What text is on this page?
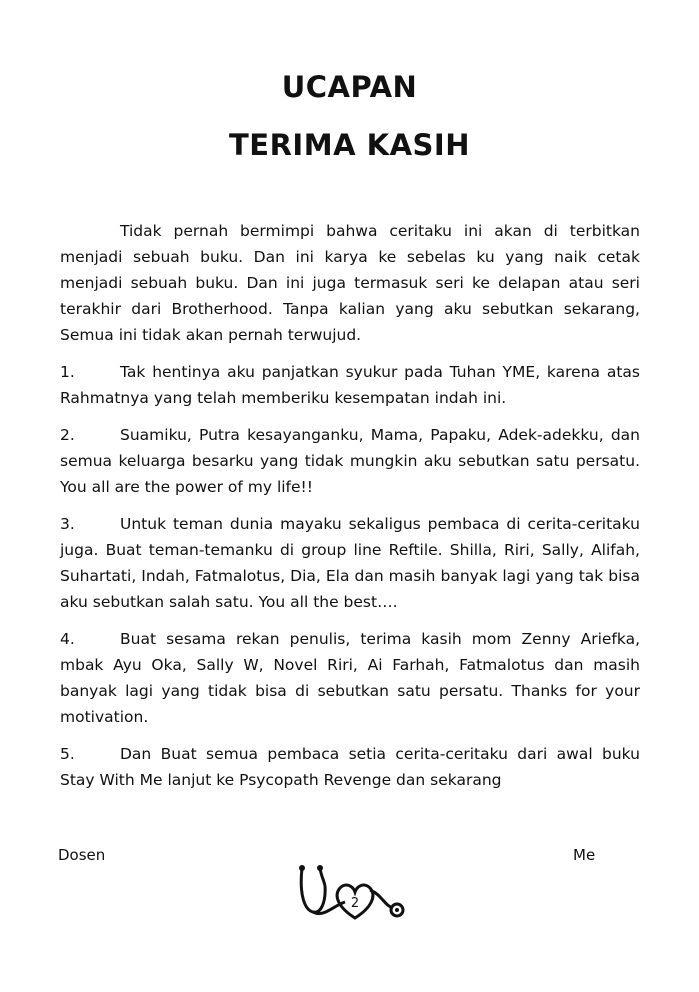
UCAPAN
TERIMA KASIH

Tidak pernah bermimpi bahwa ceritaku ini akan di terbitkan menjadi sebuah buku. Dan ini karya ke sebelas ku yang naik cetak menjadi sebuah buku. Dan ini juga termasuk seri ke delapan atau seri terakhir dari Brotherhood. Tanpa kalian yang aku sebutkan sekarang, Semua ini tidak akan pernah terwujud.

1.	Tak hentinya aku panjatkan syukur pada Tuhan YME, karena atas Rahmatnya yang telah memberiku kesempatan indah ini.

2.	Suamiku, Putra kesayanganku, Mama, Papaku, Adek-adekku, dan semua keluarga besarku yang tidak mungkin aku sebutkan satu persatu. You all are the power of my life!!

3.	Untuk teman dunia mayaku sekaligus pembaca di cerita-ceritaku juga. Buat teman-temanku di group line Reftile. Shilla, Riri, Sally, Alifah, Suhartati, Indah, Fatmalotus, Dia, Ela dan masih banyak lagi yang tak bisa aku sebutkan salah satu. You all the best….

4.	Buat sesama rekan penulis, terima kasih mom Zenny Ariefka, mbak Ayu Oka, Sally W, Novel Riri, Ai Farhah, Fatmalotus dan masih banyak lagi yang tidak bisa di sebutkan satu persatu. Thanks for your motivation.

5.	Dan Buat semua pembaca setia cerita-ceritaku dari awal buku Stay With Me lanjut ke Psycopath Revenge dan sekarang

Dosen	Me
2
